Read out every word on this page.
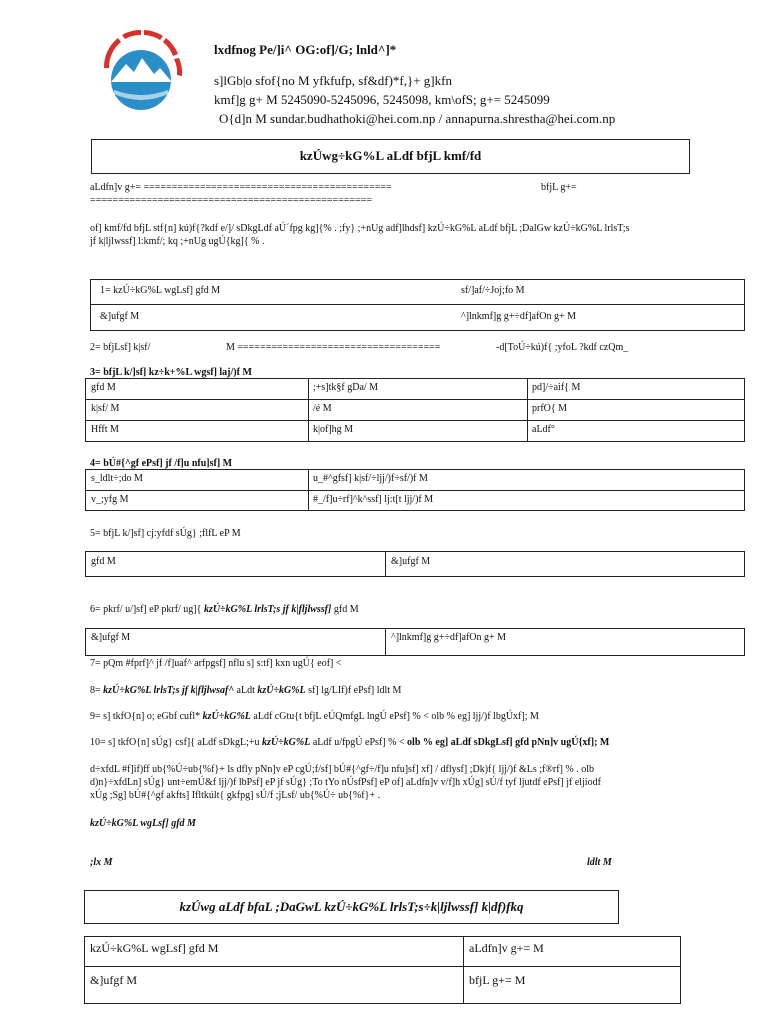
lxdfnog Pe/]i^ OG:of]/G; lnld^]*
s]lGb|o sfof{no M yfkfufp, sf&df)*f,}+ g]kfn
kmf]g g+ M 5245090-5245096, 5245098, km\ofS; g+= 5245099
O{d]n M sundar.budhathoki@hei.com.np / annapurna.shrestha@hei.com.np
kzÚwg÷kG%L aLdf bfjL kmf/fd
aLdfn]v g+= ============================================	bfjL g+=
==================================================
of] kmf/fd bfjL stf{n] kú)f{?kdf e/]/ sDkgLdf aÚ´fpg kg]{% . ;fy} ;+nUg adf]lhdsf] kzÚ÷kG%L aLdf bfjL ;DalGw kzÚ÷kG%L lrlsT;s
jf k|ljlwssf] l:kmf/; kq ;+nUg ugÚ{kg]{ % .
1= kzÚ÷kG%L wgLsf] gfd M	sf/]af/÷Joj;fo M
&]ufgf M	^]lnkmf]g g+÷df]afOn g+ M
2= bfjLsf] k|sf/	M ====================================	-d[ToÚ÷kú)f{ ;yfoL ?kdf czQm_
3= bfjL k/]sf] kz÷k+%L wgsf] laj/)f M
gfd M	;+s]tk§f gDa/ M	pd]/÷aif{ M
k|sf/ M	/é M	prfO{ M
Hfft M	k|of]hg M	aLdf°
4= bÚ#{^gf ePsf] jf /f]u nfu]sf] M
s_ldlt÷;do M	u_#^gfsf] k|sf/÷ljj/)f÷sf/)f M
v_;yfg M	#_/f]u÷rf]^k^ssf] lj:t[t ljj/)f M
5= bfjL k/]sf] cj:yfdf sÚg} ;flfL eP M
gfd M	&]ufgf M
6= pkrf/ u/]sf] eP pkrf/ ug]{ kzÚ÷kG%L lrlsT;s jf k|fljlwssf] gfd M
&]ufgf M	^]lnkmf]g g+÷df]afOn g+ M
7= pQm #fprf]^ jf /f]uaf^ arfpgsf] nflu s] s:tf] kxn ugÚ{ eof] <
8= kzÚ÷kG%L lrlsT;s jf k|fljlwsaf^ aLdt kzÚ÷kG%L sf] lg/LIf)f ePsf] ldlt M
9= s] tkfO{n] o; eGbf cufl* kzÚ÷kG%L aLdf cGtu{t bfjL eÚQmfgL lngÚ ePsf] % < olb % eg] ljj/)f lbgÚxf]; M
10= s] tkfO{n] sÚg} csf]{ aLdf sDkgL;+u kzÚ÷kG%L aLdf u/fpgÚ ePsf] % < olb % eg] aLdf sDkgLsf] gfd pNn]v ugÚ{xf]; M
d÷xfdL #f]if)ff ub{%Ú÷ub{%f}+ ls dfly pNn]v eP cgÚ;f/sf] bÚ#{^gf÷/f]u nfu]sf] xf] / dflysf] ;Dk)f{ ljj/)f &Ls ;f®rf] % . olb
d)n}÷xfdLn] sÚg} unt÷emÚ&f ljj/)f lbPsf] eP jf sÚg} ;To tYo nÚsfPsf] eP of] aLdfn]v v/f]h xÚg] sÚ/f tyf ljutdf ePsf] jf eljiodf
xÚg ;Sg] bÚ#{^gf akfts] Ifltkúlt{ gkfpg] sÚ/f ;jLsf/ ub{%Ú÷ ub{%f}+ .
kzÚ÷kG%L wgLsf] gfd M
;lx M	ldlt M
kzÚwg aLdf bfaL ;DaGwL kzÚ÷kG%L lrlsT;s÷k|ljlwssf] k|df)fkq
kzÚ÷kG%L wgLsf] gfd M	aLdfn]v g+= M
&]ufgf M	bfjL g+= M
